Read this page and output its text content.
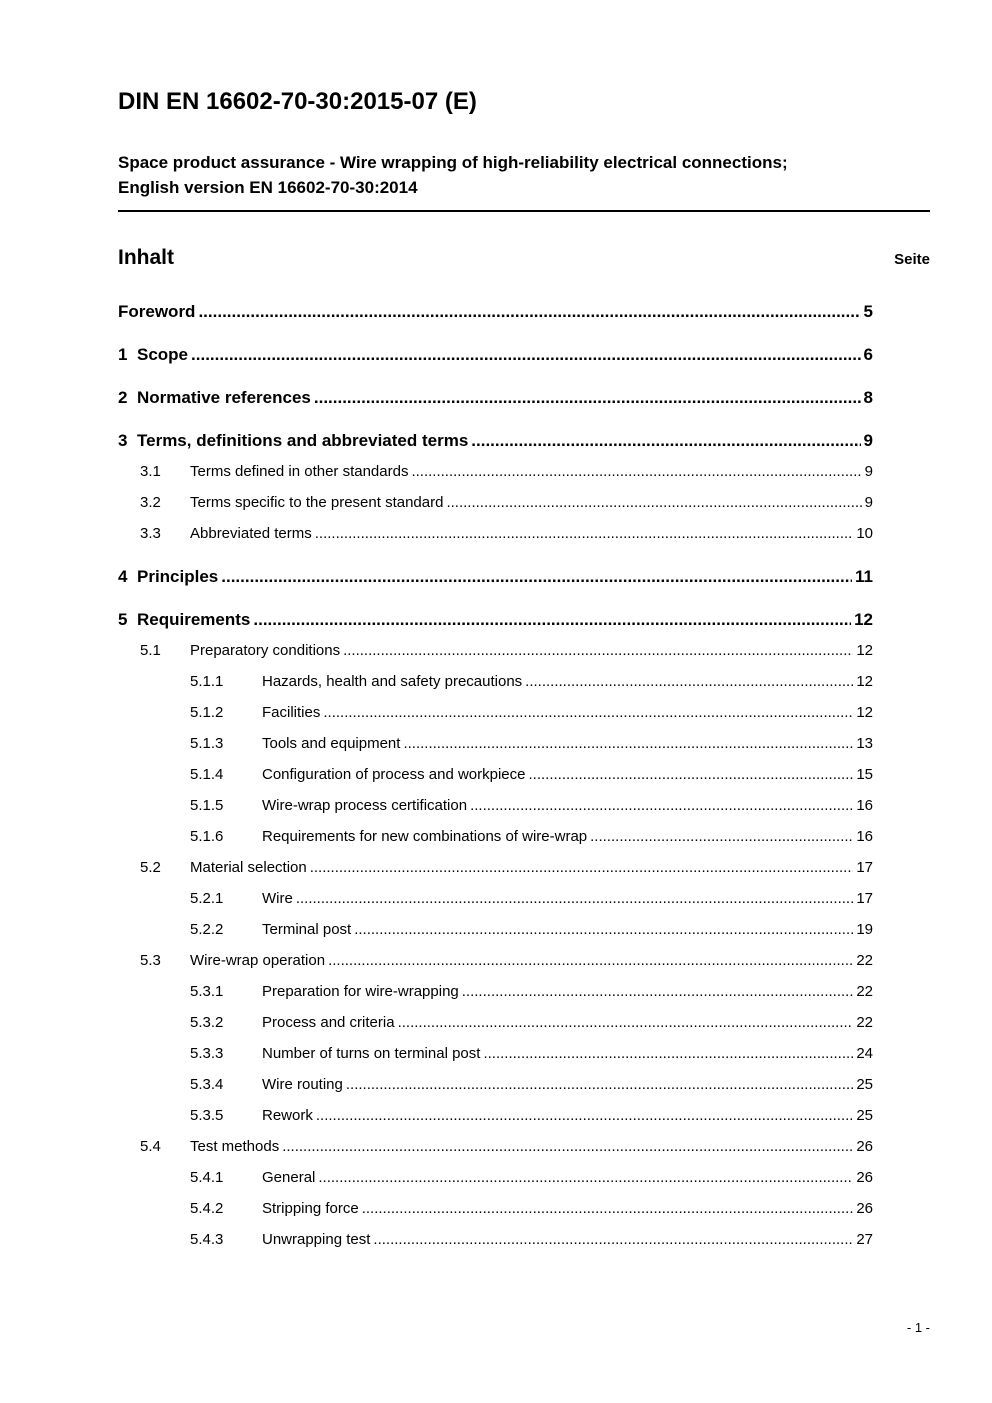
DIN EN 16602-70-30:2015-07 (E)
Space product assurance - Wire wrapping of high-reliability electrical connections;
English version EN 16602-70-30:2014
Inhalt	Seite
Foreword .....	5
1 Scope .....	6
2 Normative references .....	8
3 Terms, definitions and abbreviated terms .....	9
3.1	Terms defined in other standards .....	9
3.2	Terms specific to the present standard .....	9
3.3	Abbreviated terms .....	10
4 Principles .....	11
5 Requirements .....	12
5.1	Preparatory conditions .....	12
5.1.1	Hazards, health and safety precautions .....	12
5.1.2	Facilities .....	12
5.1.3	Tools and equipment .....	13
5.1.4	Configuration of process and workpiece .....	15
5.1.5	Wire-wrap process certification .....	16
5.1.6	Requirements for new combinations of wire-wrap .....	16
5.2	Material selection .....	17
5.2.1	Wire .....	17
5.2.2	Terminal post .....	19
5.3	Wire-wrap operation .....	22
5.3.1	Preparation for wire-wrapping .....	22
5.3.2	Process and criteria .....	22
5.3.3	Number of turns on terminal post .....	24
5.3.4	Wire routing .....	25
5.3.5	Rework .....	25
5.4	Test methods .....	26
5.4.1	General .....	26
5.4.2	Stripping force .....	26
5.4.3	Unwrapping test .....	27
- 1 -
